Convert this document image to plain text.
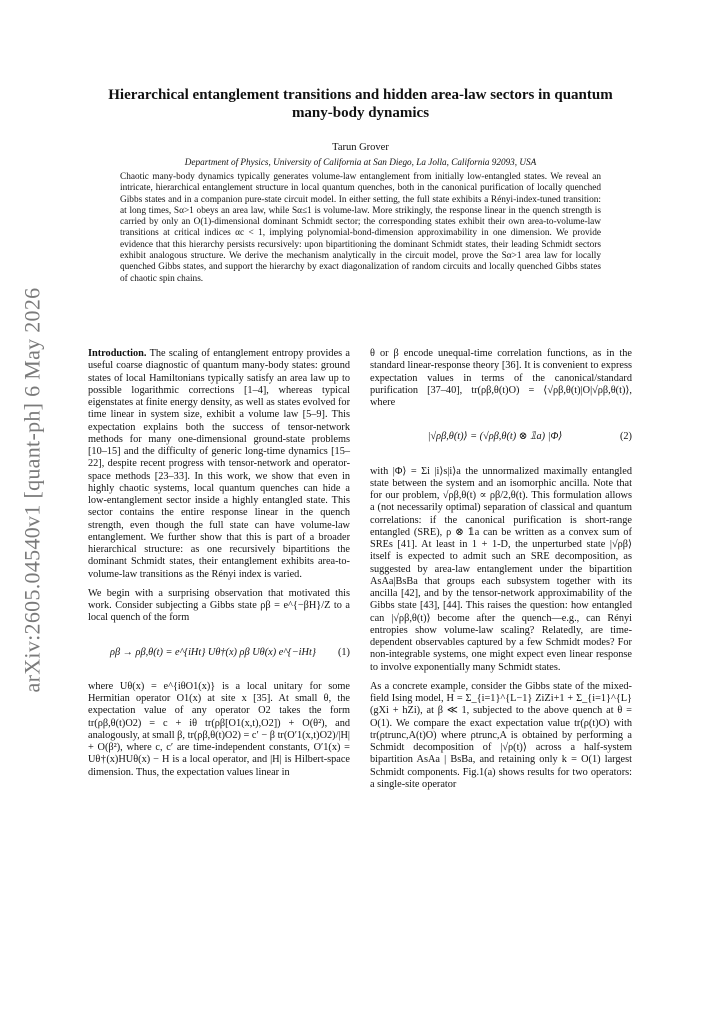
arXiv:2605.04540v1 [quant-ph] 6 May 2026
Hierarchical entanglement transitions and hidden area-law sectors in quantum many-body dynamics
Tarun Grover
Department of Physics, University of California at San Diego, La Jolla, California 92093, USA
Chaotic many-body dynamics typically generates volume-law entanglement from initially low-entangled states. We reveal an intricate, hierarchical entanglement structure in local quantum quenches, both in the canonical purification of locally quenched Gibbs states and in a companion pure-state circuit model. In either setting, the full state exhibits a Rényi-index-tuned transition: at long times, Sα>1 obeys an area law, while Sα≤1 is volume-law. More strikingly, the response linear in the quench strength is carried by only an O(1)-dimensional dominant Schmidt sector; the corresponding states exhibit their own area-to-volume-law transitions at critical indices αc < 1, implying polynomial-bond-dimension approximability in one dimension. We provide evidence that this hierarchy persists recursively: upon bipartitioning the dominant Schmidt states, their leading Schmidt sectors exhibit analogous structure. We derive the mechanism analytically in the circuit model, prove the Sα>1 area law for locally quenched Gibbs states, and support the hierarchy by exact diagonalization of random circuits and locally quenched Gibbs states of chaotic spin chains.

Introduction. The scaling of entanglement entropy provides a useful coarse diagnostic of quantum many-body states: ground states of local Hamiltonians typically satisfy an area law up to possible logarithmic corrections [1–4], whereas typical eigenstates at finite energy density, as well as states evolved for time linear in system size, exhibit a volume law [5–9]. This expectation explains both the success of tensor-network methods for many one-dimensional ground-state problems [10–15] and the difficulty of generic long-time dynamics [15–22], despite recent progress with tensor-network and operator-space methods [23–33]. In this work, we show that even in highly chaotic systems, local quantum quenches can hide a low-entanglement sector inside a highly entangled state. This sector contains the entire response linear in the quench strength, even though the full state can have volume-law entanglement. We further show that this is part of a broader hierarchical structure: as one recursively bipartitions the dominant Schmidt states, their entanglement exhibits area-to-volume-law transitions as the Rényi index is varied.

We begin with a surprising observation that motivated this work. Consider subjecting a Gibbs state ρβ = e^{−βH}/Z to a local quench of the form

ρβ → ρβ,θ(t) = e^{iHt} Uθ†(x) ρβ Uθ(x) e^{−iHt}	(1)

where Uθ(x) = e^{iθO1(x)} is a local unitary for some Hermitian operator O1(x) at site x [35]. At small θ, the expectation value of any operator O2 takes the form tr(ρβ,θ(t)O2) = c + iθ tr(ρβ[O1(x,t),O2]) + O(θ²), and analogously, at small β, tr(ρβ,θ(t)O2) = c′ − β tr(O′1(x,t)O2)/|H| + O(β²), where c, c′ are time-independent constants, O′1(x) = Uθ†(x)HUθ(x) − H is a local operator, and |H| is Hilbert-space dimension. Thus, the expectation values linear in

θ or β encode unequal-time correlation functions, as in the standard linear-response theory [36]. It is convenient to express expectation values in terms of the canonical/standard purification [37–40], tr(ρβ,θ(t)O) = ⟨√ρβ,θ(t)|O|√ρβ,θ(t)⟩, where

|√ρβ,θ(t)⟩ = (√ρβ,θ(t) ⊗ 𝟙a) |Φ⟩	(2)

with |Φ⟩ = Σi |i⟩s|i⟩a the unnormalized maximally entangled state between the system and an isomorphic ancilla. Note that for our problem, √ρβ,θ(t) ∝ ρβ/2,θ(t). This formulation allows a (not necessarily optimal) separation of classical and quantum correlations: if the canonical purification is short-range entangled (SRE), ρ ⊗ 𝟙a can be written as a convex sum of SREs [41]. At least in 1 + 1-D, the unperturbed state |√ρβ⟩ itself is expected to admit such an SRE decomposition, as suggested by area-law entanglement under the bipartition AsAa|BsBa that groups each subsystem together with its ancilla [42], and by the tensor-network approximability of the Gibbs state [43], [44]. This raises the question: how entangled can |√ρβ,θ(t)⟩ become after the quench—e.g., can Rényi entropies show volume-law scaling? Relatedly, are time-dependent observables captured by a few Schmidt modes? For non-integrable systems, one might expect even linear response to involve exponentially many Schmidt states.

As a concrete example, consider the Gibbs state of the mixed-field Ising model, H = Σ_{i=1}^{L−1} ZiZi+1 + Σ_{i=1}^{L} (gXi + hZi), at β ≪ 1, subjected to the above quench at θ = O(1). We compare the exact expectation value tr(ρ(t)O) with tr(ρtrunc,A(t)O) where ρtrunc,A is obtained by performing a Schmidt decomposition of |√ρ(t)⟩ across a half-system bipartition AsAa | BsBa, and retaining only k = O(1) largest Schmidt components. Fig.1(a) shows results for two operators: a single-site operator
